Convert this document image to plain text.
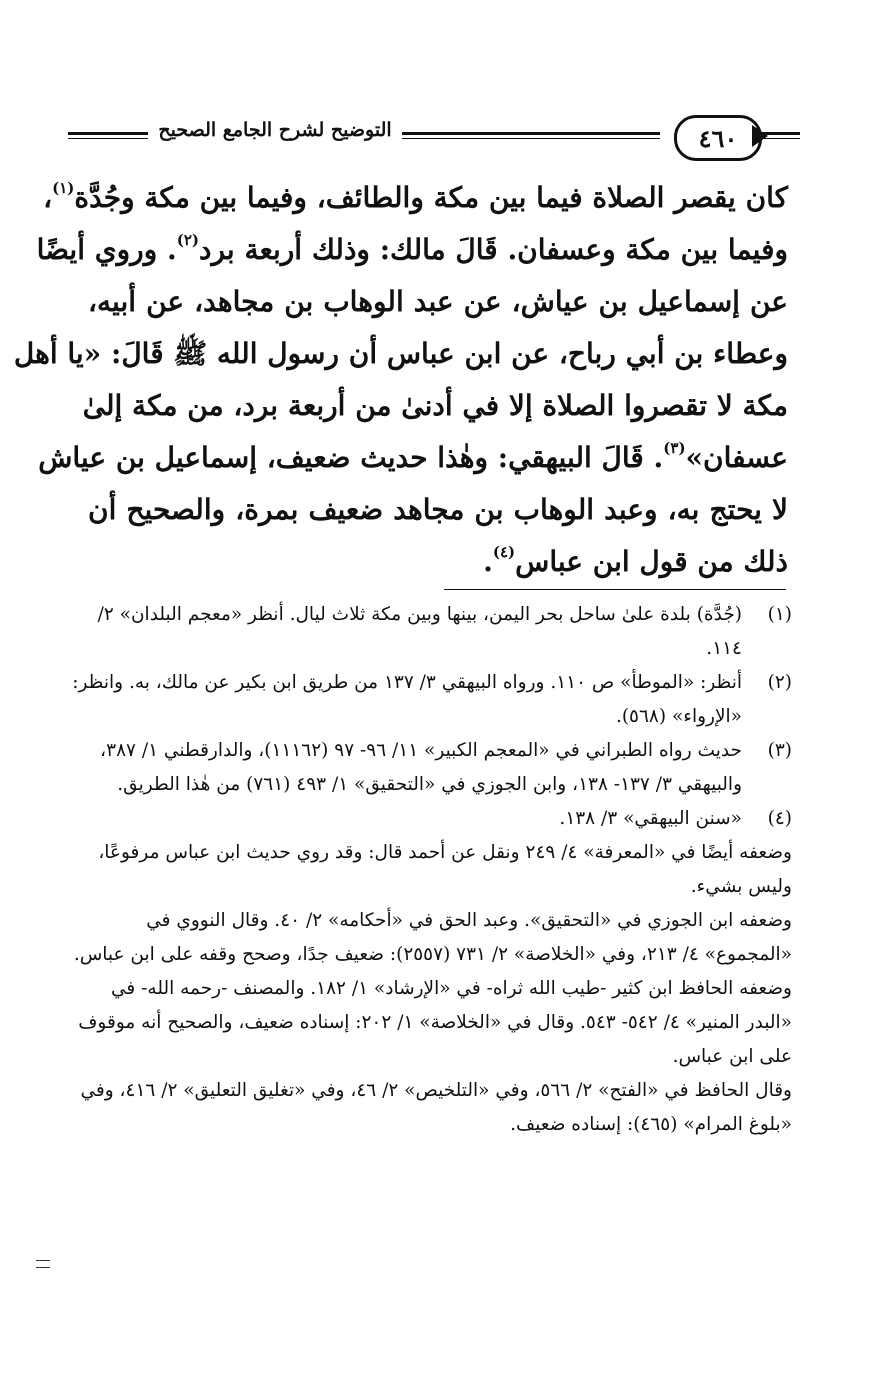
التوضيح لشرح الجامع الصحيح	٤٦٠
كان يقصر الصلاة فيما بين مكة والطائف، وفيما بين مكة وجُدَّة$^{(١)}$،
وفيما بين مكة وعسفان. قَالَ مالك: وذلك أربعة برد$^{(٢)}$. وروي أيضًا
عن إسماعيل بن عياش، عن عبد الوهاب بن مجاهد، عن أبيه،
وعطاء بن أبي رباح، عن ابن عباس أن رسول الله ﷺ قَالَ: «يا أهل
مكة لا تقصروا الصلاة إلا في أدنىٰ من أربعة برد، من مكة إلىٰ
عسفان»$^{(٣)}$. قَالَ البيهقي: وهٰذا حديث ضعيف، إسماعيل بن عياش
لا يحتج به، وعبد الوهاب بن مجاهد ضعيف بمرة، والصحيح أن
ذلك من قول ابن عباس$^{(٤)}$.
(١)
(جُدَّة) بلدة علىٰ ساحل بحر اليمن، بينها وبين مكة ثلاث ليال. أنظر «معجم البلدان» ٢/ ١١٤.
(٢)
أنظر: «الموطأ» ص ١١٠. ورواه البيهقي ٣/ ١٣٧ من طريق ابن بكير عن مالك، به. وانظر: «الإرواء» (٥٦٨).
(٣)
حديث رواه الطبراني في «المعجم الكبير» ١١/ ٩٦- ٩٧ (١١١٦٢)، والدارقطني ١/ ٣٨٧، والبيهقي ٣/ ١٣٧- ١٣٨، وابن الجوزي في «التحقيق» ١/ ٤٩٣ (٧٦١) من هٰذا الطريق.
(٤)
«سنن البيهقي» ٣/ ١٣٨.
وضعفه أيضًا في «المعرفة» ٤/ ٢٤٩ ونقل عن أحمد قال: وقد روي حديث ابن عباس مرفوعًا، وليس بشيء.
وضعفه ابن الجوزي في «التحقيق». وعبد الحق في «أحكامه» ٢/ ٤٠. وقال النووي في «المجموع» ٤/ ٢١٣، وفي «الخلاصة» ٢/ ٧٣١ (٢٥٥٧): ضعيف جدًا، وصحح وقفه على ابن عباس.
وضعفه الحافظ ابن كثير -طيب الله ثراه- في «الإرشاد» ١/ ١٨٢. والمصنف -رحمه الله- في «البدر المنير» ٤/ ٥٤٢- ٥٤٣. وقال في «الخلاصة» ١/ ٢٠٢: إسناده ضعيف، والصحيح أنه موقوف على ابن عباس.
وقال الحافظ في «الفتح» ٢/ ٥٦٦، وفي «التلخيص» ٢/ ٤٦، وفي «تغليق التعليق» ٢/ ٤١٦، وفي «بلوغ المرام» (٤٦٥): إسناده ضعيف.
